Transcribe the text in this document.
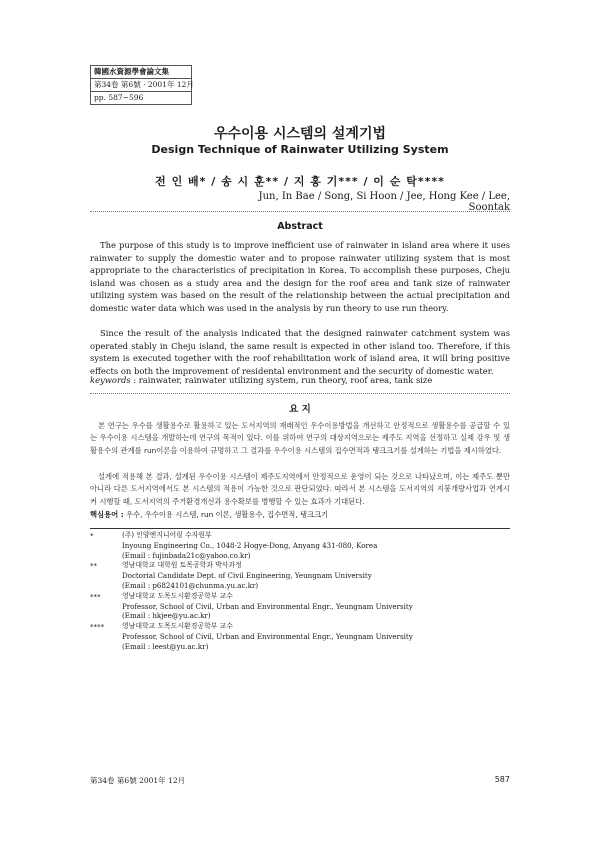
韓國水資源學會論文集
第34卷 第6號 · 2001年 12月
pp. 587~596
우수이용 시스템의 설계기법
Design Technique of Rainwater Utilizing System
전 인 배* / 송 시 훈** / 지 홍 기*** / 이 순 탁****
Jun, In Bae / Song, Si Hoon / Jee, Hong Kee / Lee, Soontak
Abstract

The purpose of this study is to improve inefficient use of rainwater in island area where it uses rainwater to supply the domestic water and to propose rainwater utilizing system that is most appropriate to the characteristics of precipitation in Korea. To accomplish these purposes, Cheju island was chosen as a study area and the design for the roof area and tank size of rainwater utilizing system was based on the result of the relationship between the actual precipitation and domestic water data which was used in the analysis by run theory to use run theory.

Since the result of the analysis indicated that the designed rainwater catchment system was operated stably in Cheju island, the same result is expected in other island too. Therefore, if this system is executed together with the roof rehabilitation work of island area, it will bring positive effects on both the improvement of residental environment and the security of domestic water.

keywords : rainwater, rainwater utilizing system, run theory, roof area, tank size

요 지

본 연구는 우수를 생활용수로 활용하고 있는 도서지역의 재래적인 우수이용방법을 개선하고 안정적으로 생활용수를 공급할 수 있는 우수이용 시스템을 개발하는데 연구의 목적이 있다. 이를 위하여 연구의 대상지역으로는 제주도 지역을 선정하고 실제 강우 및 생활용수의 관계를 run이론을 이용하여 규명하고 그 결과를 우수이용 시스템의 집수면적과 탱크크기를 설계하는 기법을 제시하였다.

설계에 적용해 본 결과, 설계된 우수이용 시스템이 제주도지역에서 안정적으로 운영이 되는 것으로 나타났으며, 이는 제주도 뿐만 아니라 다른 도서지역에서도 본 시스템의 적용이 가능한 것으로 판단되었다. 따라서 본 시스템을 도서지역의 지붕개량사업과 연계시켜 시행할 때, 도서지역의 주거환경개선과 용수확보를 병행할 수 있는 효과가 기대된다.

핵심용어 : 우수, 우수이용 시스템, run 이론, 생활용수, 집수면적, 탱크크기

*	(주) 인양엔지니어링 수자원부
Inyoung Engineering Co., 1048-2 Hogye-Dong, Anyang 431-080, Korea
(Email : fujinbada21c@yahoo.co.kr)
**	영남대학교 대학원 토목공학과 박사과정
Doctorial Candidate Dept. of Civil Engineering, Yeungnam University
(Email : p6824101@chunma.yu.ac.kr)
***	영남대학교 도목도시환경공학부 교수
Professor, School of Civil, Urban and Environmental Engr., Yeungnam University
(Email : hkjee@yu.ac.kr)
****	영남대학교 도목도시환경공학부 교수
Professor, School of Civil, Urban and Environmental Engr., Yeungnam University
(Email : leest@yu.ac.kr)
第34卷 第6號 2001年 12月	587
